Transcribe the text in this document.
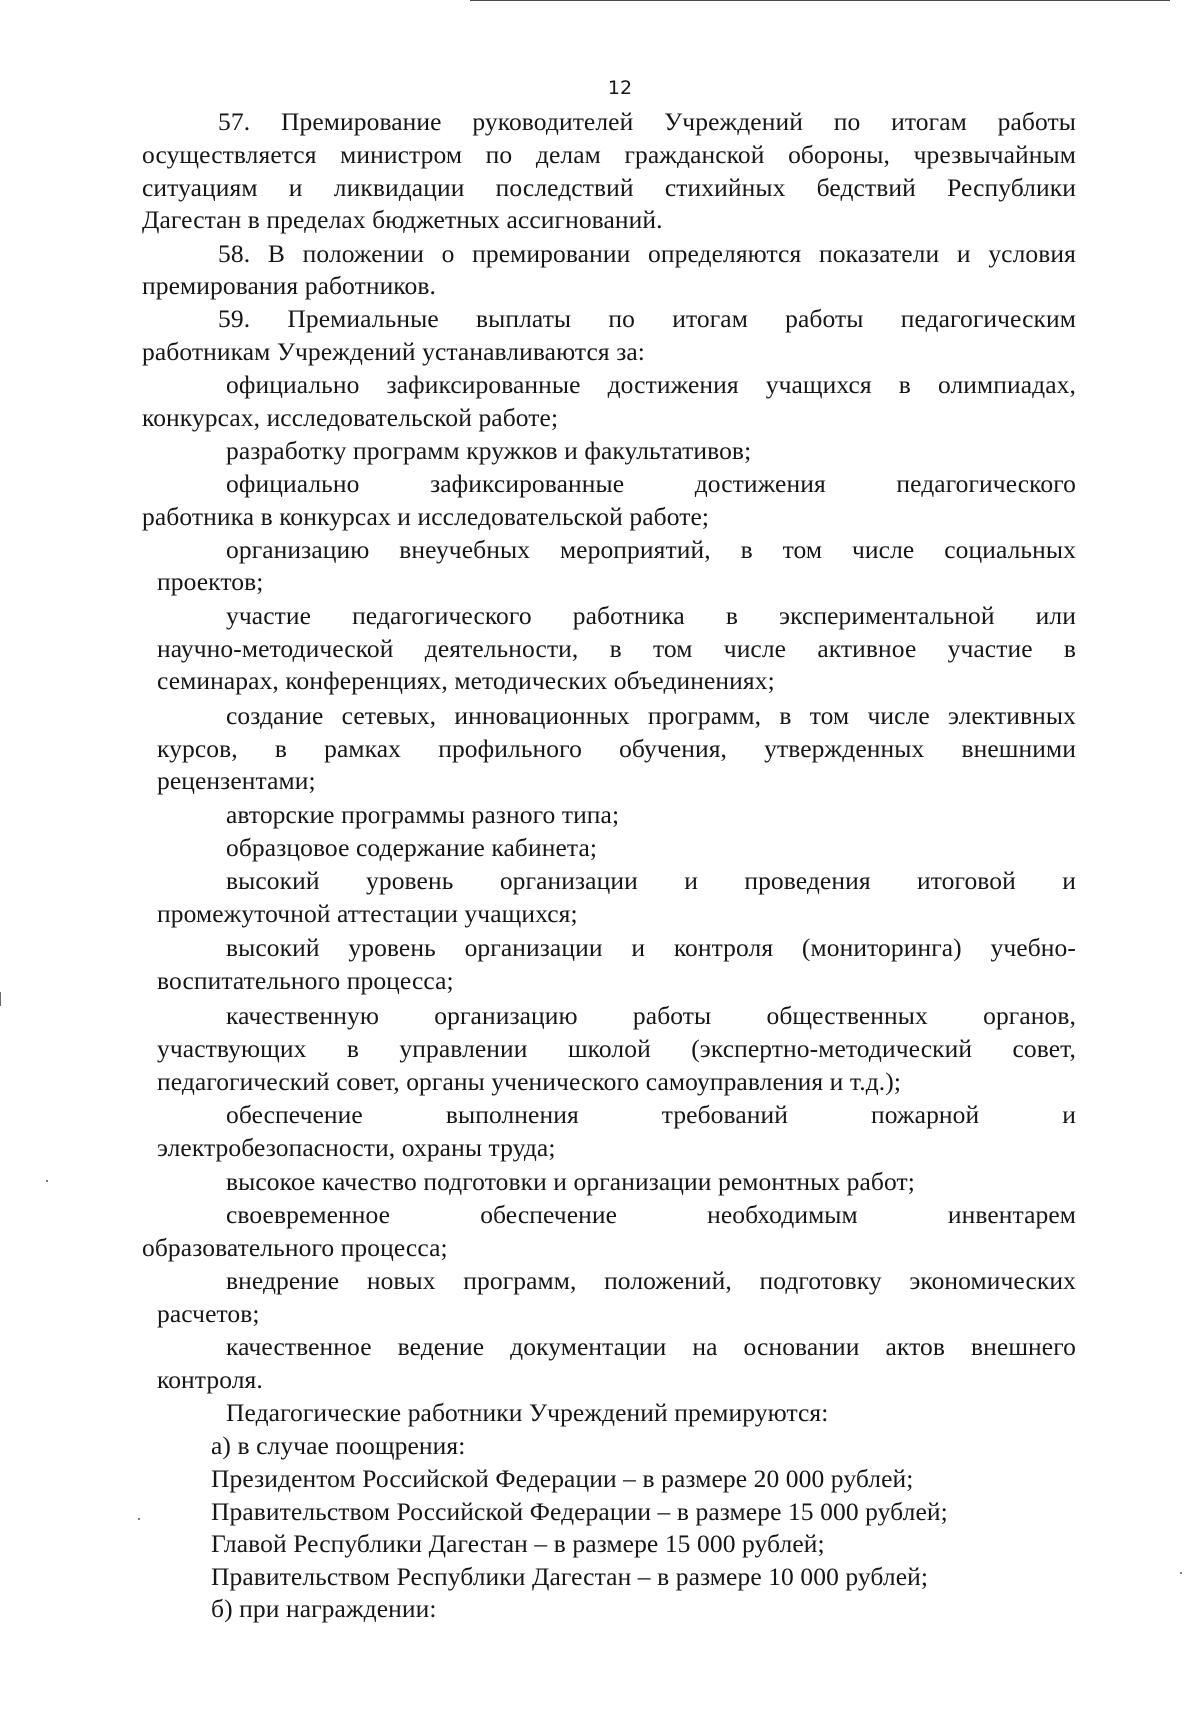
12
57. Премирование руководителей Учреждений по итогам работы
осуществляется министром по делам гражданской обороны, чрезвычайным
ситуациям и ликвидации последствий стихийных бедствий Республики
Дагестан в пределах бюджетных ассигнований.
58. В положении о премировании определяются показатели и условия
премирования работников.
59. Премиальные выплаты по итогам работы педагогическим
работникам Учреждений устанавливаются за:
официально зафиксированные достижения учащихся в олимпиадах,
конкурсах, исследовательской работе;
разработку программ кружков и факультативов;
официально зафиксированные достижения педагогического
работника в конкурсах и исследовательской работе;
организацию внеучебных мероприятий, в том числе социальных
проектов;
участие педагогического работника в экспериментальной или
научно-методической деятельности, в том числе активное участие в
семинарах, конференциях, методических объединениях;
создание сетевых, инновационных программ, в том числе элективных
курсов, в рамках профильного обучения, утвержденных внешними
рецензентами;
авторские программы разного типа;
образцовое содержание кабинета;
высокий уровень организации и проведения итоговой и
промежуточной аттестации учащихся;
высокий уровень организации и контроля (мониторинга) учебно-
воспитательного процесса;
качественную организацию работы общественных органов,
участвующих в управлении школой (экспертно-методический совет,
педагогический совет, органы ученического самоуправления и т.д.);
обеспечение выполнения требований пожарной и
электробезопасности, охраны труда;
высокое качество подготовки и организации ремонтных работ;
своевременное обеспечение необходимым инвентарем
образовательного процесса;
внедрение новых программ, положений, подготовку экономических
расчетов;
качественное ведение документации на основании актов внешнего
контроля.
Педагогические работники Учреждений премируются:
а) в случае поощрения:
Президентом Российской Федерации – в размере 20 000 рублей;
Правительством Российской Федерации – в размере 15 000 рублей;
Главой Республики Дагестан – в размере 15 000 рублей;
Правительством Республики Дагестан – в размере 10 000 рублей;
б) при награждении:
